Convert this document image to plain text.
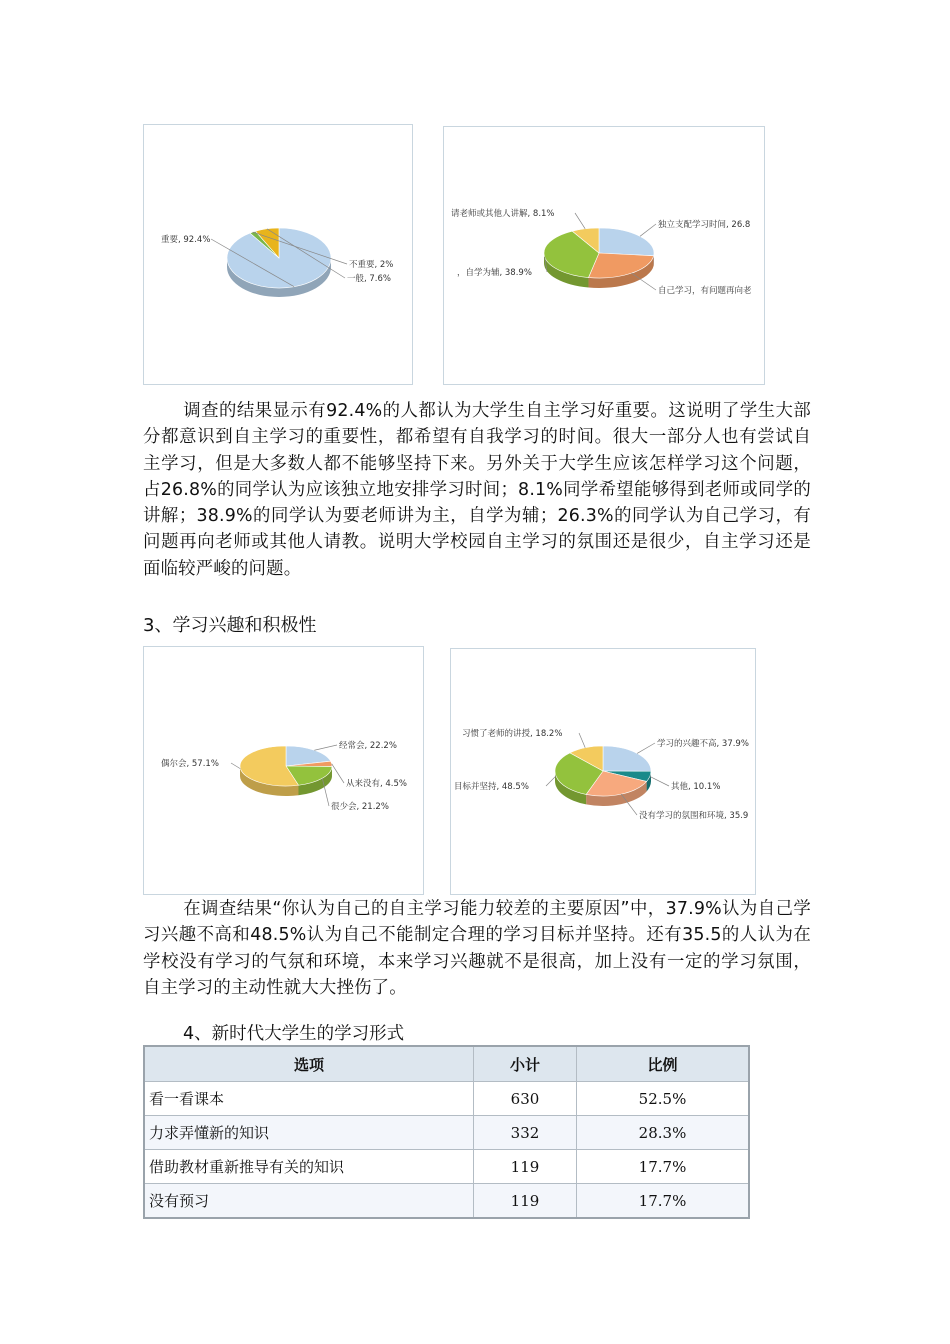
重要, 92.4%
不重要, 2%
一般, 7.6%
独立支配学习时间, 26.8
自己学习，有问题再向老
，自学为辅, 38.9%
请老师或其他人讲解, 8.1%

调查的结果显示有92.4%的人都认为大学生自主学习好重要。这说明了学生大部分都意识到自主学习的重要性，都希望有自我学习的时间。很大一部分人也有尝试自主学习，但是大多数人都不能够坚持下来。另外关于大学生应该怎样学习这个问题，占26.8%的同学认为应该独立地安排学习时间；8.1%同学希望能够得到老师或同学的讲解；38.9%的同学认为要老师讲为主，自学为辅；26.3%的同学认为自己学习，有问题再向老师或其他人请教。说明大学校园自主学习的氛围还是很少，自主学习还是面临较严峻的问题。

3、学习兴趣和积极性
经常会, 22.2%
从来没有, 4.5%
很少会, 21.2%
偶尔会, 57.1%
学习的兴趣不高, 37.9%
其他, 10.1%
没有学习的氛围和环境, 35.9
目标并坚持, 48.5%
习惯了老师的讲授, 18.2%

在调查结果“你认为自己的自主学习能力较差的主要原因”中，37.9%认为自己学习兴趣不高和48.5%认为自己不能制定合理的学习目标并坚持。还有35.5的人认为在学校没有学习的气氛和环境，本来学习兴趣就不是很高，加上没有一定的学习氛围，自主学习的主动性就大大挫伤了。

4、新时代大学生的学习形式
选项	小计	比例
看一看课本	630	52.5%
力求弄懂新的知识	332	28.3%
借助教材重新推导有关的知识	119	17.7%
没有预习	119	17.7%
